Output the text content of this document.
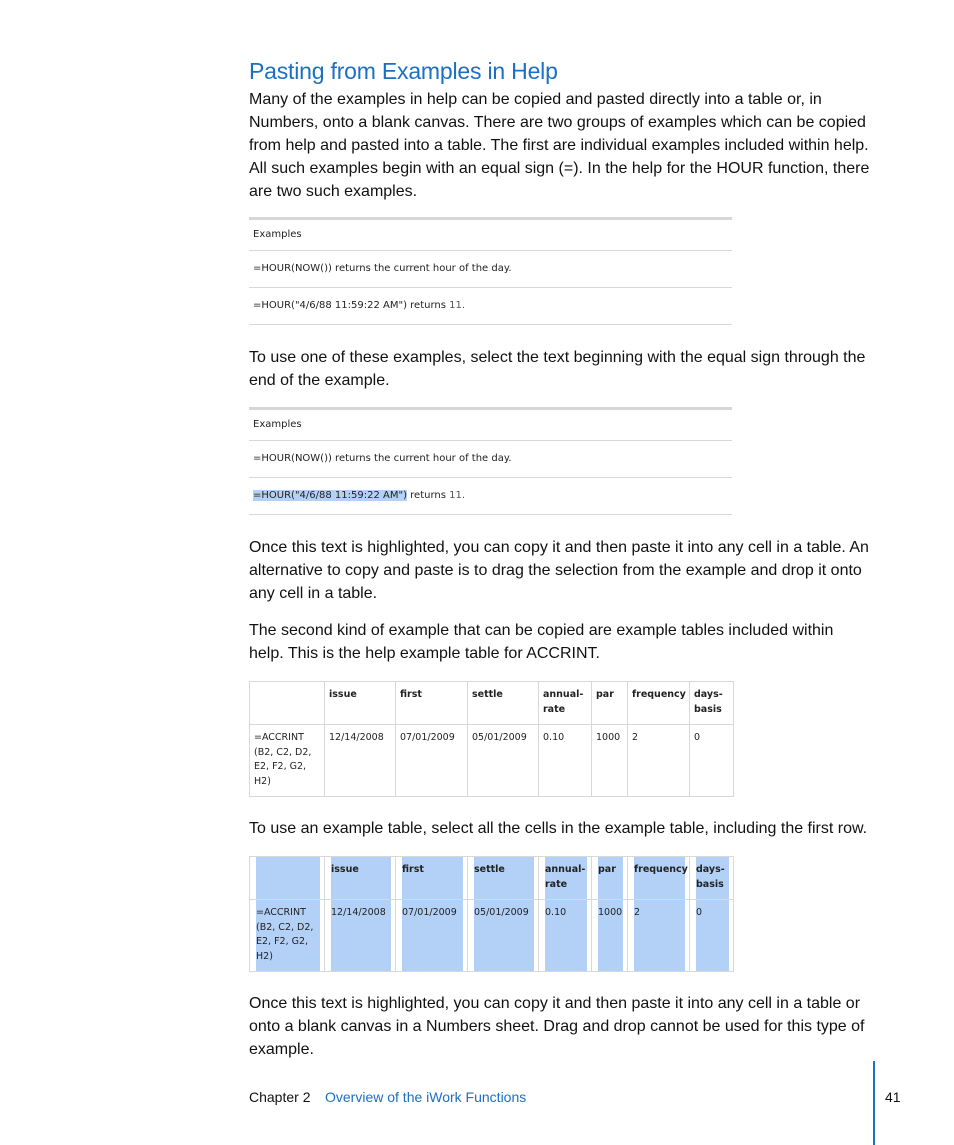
Pasting from Examples in Help
Many of the examples in help can be copied and pasted directly into a table or, in Numbers, onto a blank canvas. There are two groups of examples which can be copied from help and pasted into a table. The first are individual examples included within help. All such examples begin with an equal sign (=). In the help for the HOUR function, there are two such examples.
Examples
=HOUR(NOW()) returns the current hour of the day.
=HOUR("4/6/88 11:59:22 AM") returns 11.
To use one of these examples, select the text beginning with the equal sign through the end of the example.
Examples
=HOUR(NOW()) returns the current hour of the day.
=HOUR("4/6/88 11:59:22 AM") returns 11.
Once this text is highlighted, you can copy it and then paste it into any cell in a table. An alternative to copy and paste is to drag the selection from the example and drop it onto any cell in a table.
The second kind of example that can be copied are example tables included within help. This is the help example table for ACCRINT.

	issue	first	settle	annual-
rate	par	frequency	days-
basis

=ACCRINT
(B2, C2, D2,
E2, F2, G2,
H2)	12/14/2008	07/01/2009	05/01/2009	0.10	1000	2	0
To use an example table, select all the cells in the example table, including the first row.

	issue	first	settle	annual-
rate	par	frequency	days-
basis

=ACCRINT
(B2, C2, D2,
E2, F2, G2,
H2)	12/14/2008	07/01/2009	05/01/2009	0.10	1000	2	0
Once this text is highlighted, you can copy it and then paste it into any cell in a table or onto a blank canvas in a Numbers sheet. Drag and drop cannot be used for this type of example.
Chapter 2 Overview of the iWork Functions	41
